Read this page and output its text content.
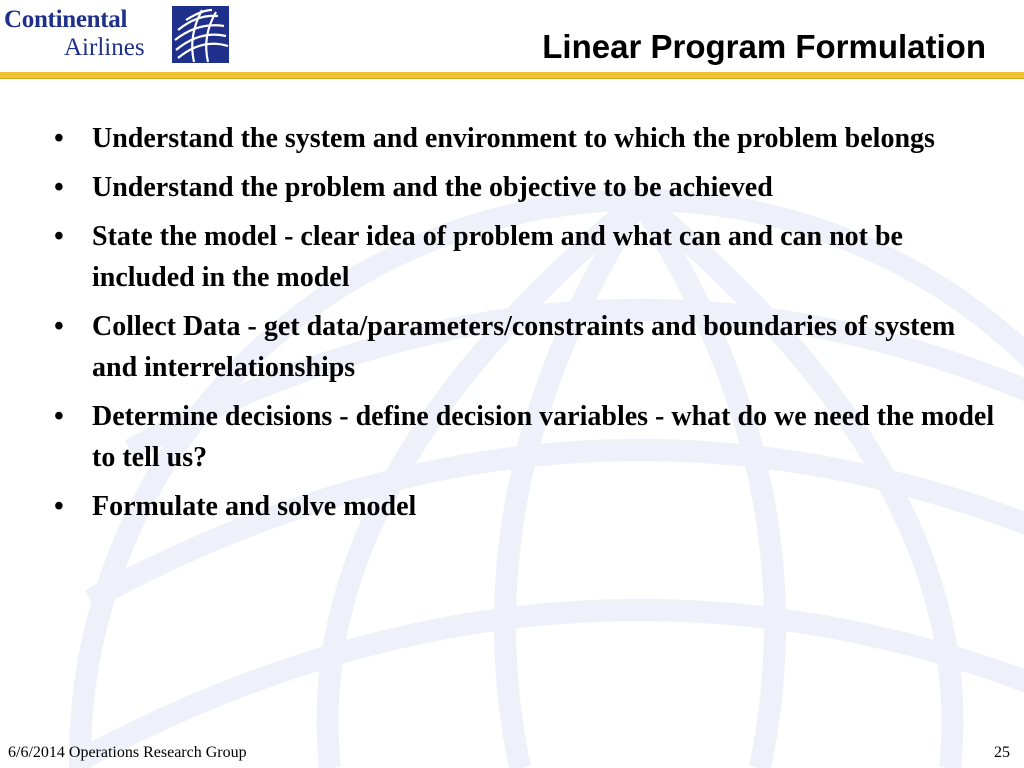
Continental
Airlines	Linear Program Formulation
• Understand the system and environment to which the problem belongs
• Understand the problem and the objective to be achieved
• State the model - clear idea of problem and what can and can not be included in the model
• Collect Data - get data/parameters/constraints and boundaries of system and interrelationships
• Determine decisions - define decision variables - what do we need the model to tell us?
• Formulate and solve model
6/6/2014 Operations Research Group	25
